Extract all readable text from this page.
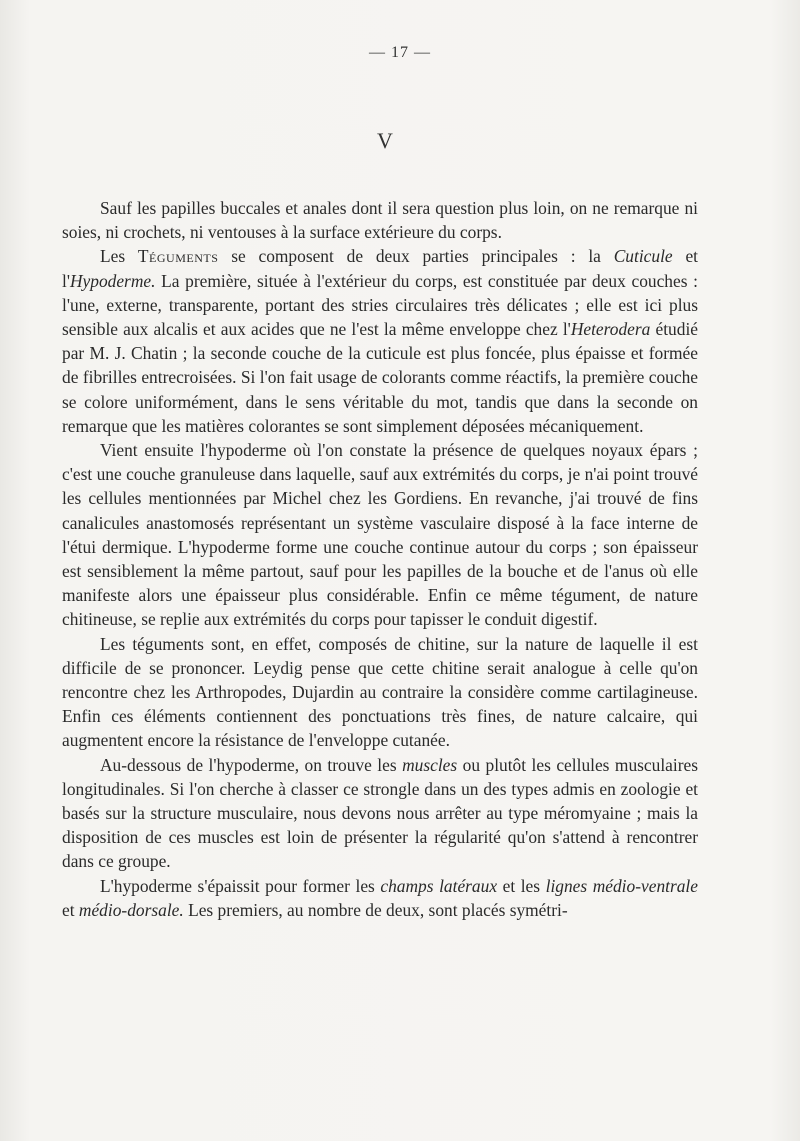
— 17 —
V

Sauf les papilles buccales et anales dont il sera question plus loin, on ne remarque ni soies, ni crochets, ni ventouses à la surface extérieure du corps.

Les Téguments se composent de deux parties principales : la Cuticule et l'Hypoderme. La première, située à l'extérieur du corps, est constituée par deux couches : l'une, externe, transparente, portant des stries circulaires très délicates ; elle est ici plus sensible aux alcalis et aux acides que ne l'est la même enveloppe chez l'Heterodera étudié par M. J. Chatin ; la seconde couche de la cuticule est plus foncée, plus épaisse et formée de fibrilles entrecroisées. Si l'on fait usage de colorants comme réactifs, la première couche se colore uniformément, dans le sens véritable du mot, tandis que dans la seconde on remarque que les matières colorantes se sont simplement déposées mécaniquement.

Vient ensuite l'hypoderme où l'on constate la présence de quelques noyaux épars ; c'est une couche granuleuse dans laquelle, sauf aux extrémités du corps, je n'ai point trouvé les cellules mentionnées par Michel chez les Gordiens. En revanche, j'ai trouvé de fins canalicules anastomosés représentant un système vasculaire disposé à la face interne de l'étui dermique. L'hypoderme forme une couche continue autour du corps ; son épaisseur est sensiblement la même partout, sauf pour les papilles de la bouche et de l'anus où elle manifeste alors une épaisseur plus considérable. Enfin ce même tégument, de nature chitineuse, se replie aux extrémités du corps pour tapisser le conduit digestif.

Les téguments sont, en effet, composés de chitine, sur la nature de laquelle il est difficile de se prononcer. Leydig pense que cette chitine serait analogue à celle qu'on rencontre chez les Arthropodes, Dujardin au contraire la considère comme cartilagineuse. Enfin ces éléments contiennent des ponctuations très fines, de nature calcaire, qui augmentent encore la résistance de l'enveloppe cutanée.

Au-dessous de l'hypoderme, on trouve les muscles ou plutôt les cellules musculaires longitudinales. Si l'on cherche à classer ce strongle dans un des types admis en zoologie et basés sur la structure musculaire, nous devons nous arrêter au type méromyaine ; mais la disposition de ces muscles est loin de présenter la régularité qu'on s'attend à rencontrer dans ce groupe.

L'hypoderme s'épaissit pour former les champs latéraux et les lignes médio-ventrale et médio-dorsale. Les premiers, au nombre de deux, sont placés symétri-
